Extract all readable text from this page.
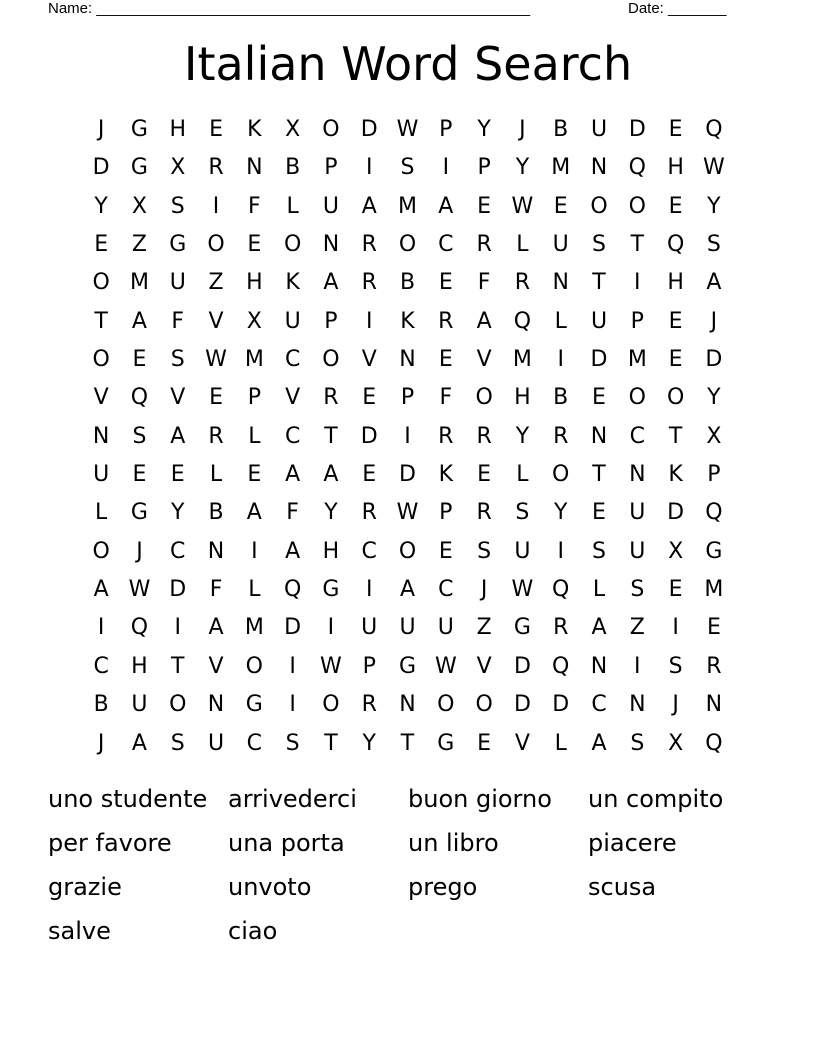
Name: ____________________________________________________	Date: _______
Italian Word Search
J	G H	E	K	X	O D W P	Y	J	B	U D	E	Q
D G	X	R	N	B	P	I	S	I	P	Y	M N Q H W
Y	X	S	I	F	L	U	A M A	E W E	O O	E	Y
E	Z	G O	E	O N	R O C	R	L	U	S	T	Q	S
O M U	Z	H	K	A	R	B	E	F	R	N	T	I	H	A
T	A	F	V	X	U	P	I	K	R	A	Q	L	U	P	E	J
O	E	S W M C O	V	N	E	V M	I	D M E	D
V	Q	V	E	P	V	R	E	P	F	O H	B	E	O O	Y
N	S	A	R	L	C	T	D	I	R	R	Y	R	N	C	T	X
U	E	E	L	E	A	A	E	D	K	E	L	O	T	N	K	P
L	G	Y	B	A	F	Y	R W P	R	S	Y	E	U D Q
O	J	C	N	I	A	H	C O	E	S	U	I	S	U	X	G
A W D	F	L	Q G	I	A	C	J	W Q	L	S	E M
I	Q	I	A M D	I	U	U	U	Z	G	R	A	Z	I	E
C	H	T	V	O	I	W P	G W V	D Q N	I	S	R
B	U O N G	I	O R	N O O D D	C	N	J	N
J	A	S	U	C	S	T	Y	T	G	E	V	L	A	S	X	Q
uno studente arrivederci	buon giorno	un compito
per favore	una porta	un libro	piacere
grazie	unvoto	prego	scusa
salve	ciao
